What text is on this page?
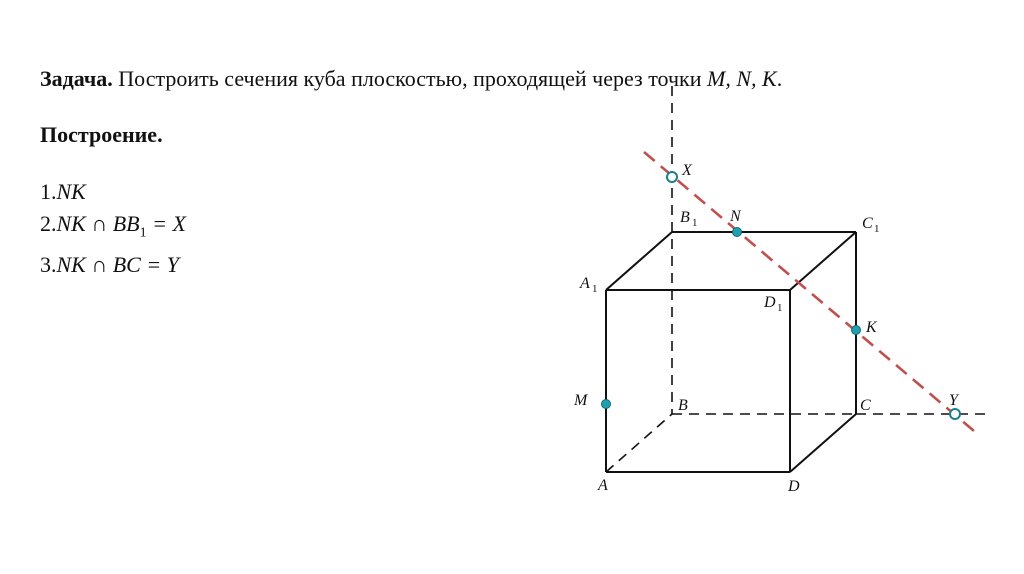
Задача. Построить сечения куба плоскостью, проходящей через точки M, N, K.
Построение.
1.NK
2.NK ∩ $BB_1 = X$
3.NK ∩ BC = Y
A
B	C
D
A 1
B 1	C 1
D 1
M
N
K
X
Y
